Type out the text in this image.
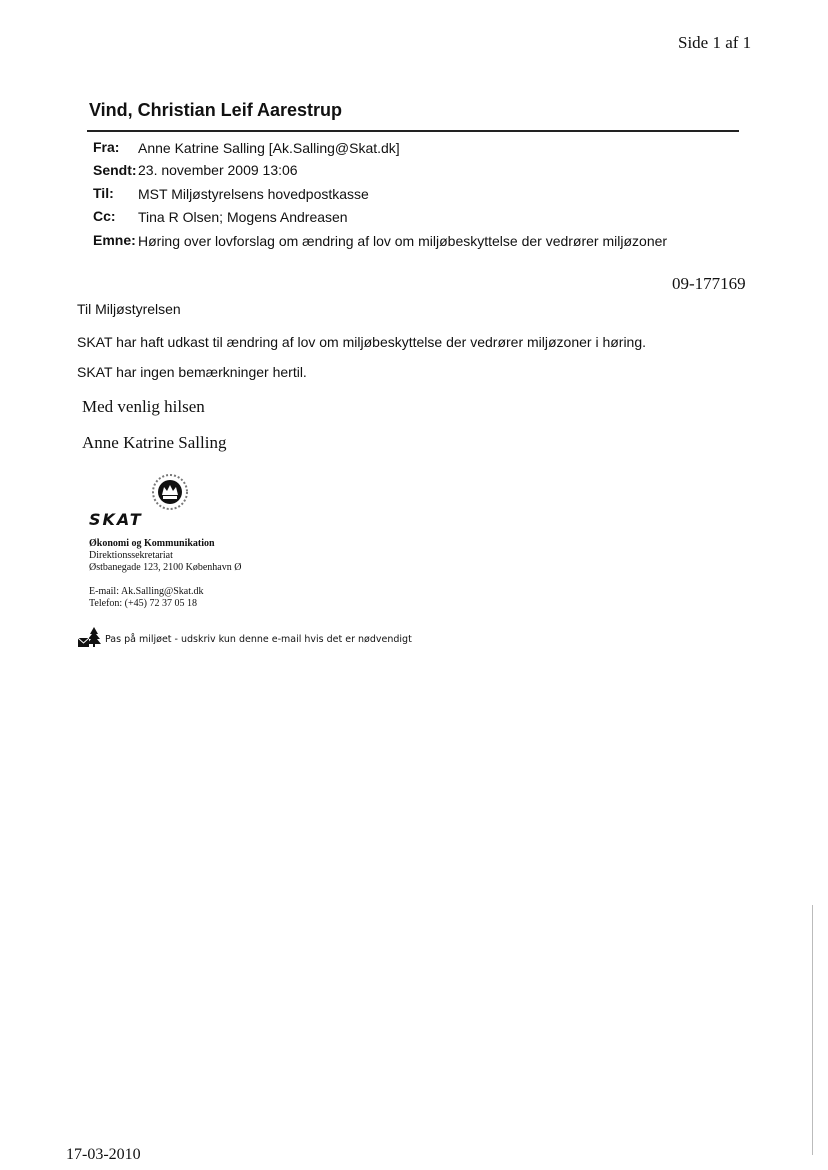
Side 1 af 1
Vind, Christian Leif Aarestrup
Fra: Anne Katrine Salling [Ak.Salling@Skat.dk]
Sendt: 23. november 2009 13:06
Til: MST Miljøstyrelsens hovedpostkasse
Cc: Tina R Olsen; Mogens Andreasen
Emne: Høring over lovforslag om ændring af lov om miljøbeskyttelse der vedrører miljøzoner
09-177169
Til Miljøstyrelsen
SKAT har haft udkast til ændring af lov om miljøbeskyttelse der vedrører miljøzoner i høring.
SKAT har ingen bemærkninger hertil.
Med venlig hilsen
Anne Katrine Salling
SKAT
Økonomi og Kommunikation
Direktionssekretariat
Østbanegade 123, 2100 København Ø
E-mail: Ak.Salling@Skat.dk
Telefon: (+45) 72 37 05 18
Pas på miljøet - udskriv kun denne e-mail hvis det er nødvendigt
17-03-2010
